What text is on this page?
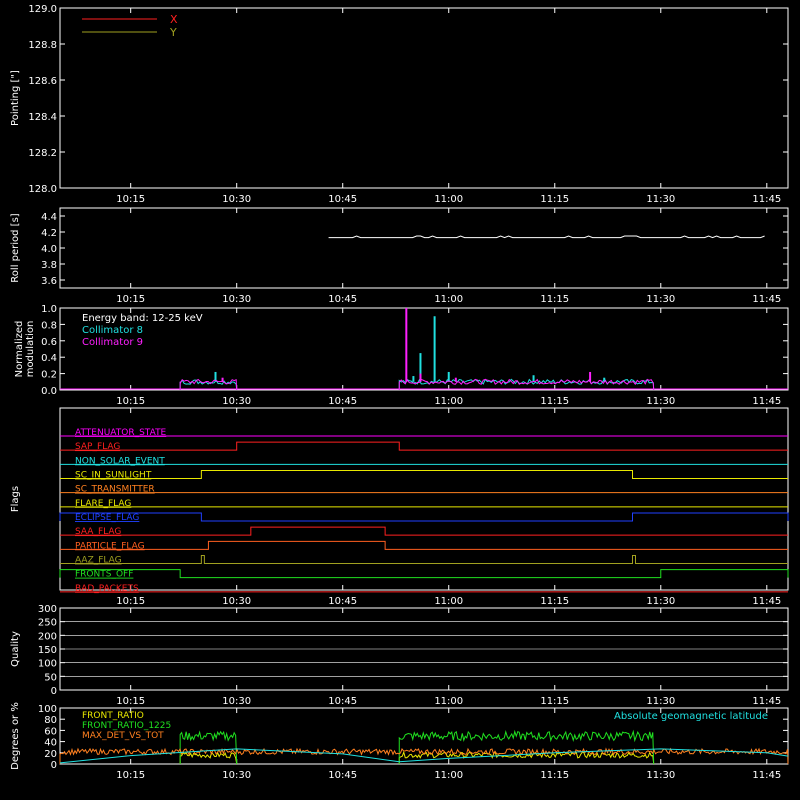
10:15	10:30	10:45	11:00	11:15	11:30	11:45
Pointing ["]
128.0
128.2
128.4
128.6
128.8
129.0
X
Y
10:15	10:30	10:45	11:00	11:15	11:30	11:45
Roll period [s] 3.6
3.8
4.0
4.2
4.4
10:15	10:30	10:45	11:00	11:15	11:30	11:45
Normalized modulation
0.0
0.2
0.4
0.6
0.8
1.0
Energy band: 12-25 keV
Collimator 8
Collimator 9
10:15	10:30	10:45	11:00	11:15	11:30	11:45
Flags
ATTENUATOR_STATE
SAP_FLAG
NON_SOLAR_EVENT
SC_IN_SUNLIGHT
SC_TRANSMITTER
FLARE_FLAG
ECLIPSE_FLAG
SAA_FLAG
PARTICLE_FLAG
AAZ_FLAG
FRONTS_OFF
BAD_PACKETS
10:15	10:30	10:45	11:00	11:15	11:30	11:45
Quality
0
50
100
150
200
250
300
10:15	10:30	10:45	11:00	11:15	11:30	11:45
Degrees or %	0
20
40
60
80
100
FRONT_RATIO
FRONT_RATIO_1225
MAX_DET_VS_TOT
Absolute geomagnetic latitude
